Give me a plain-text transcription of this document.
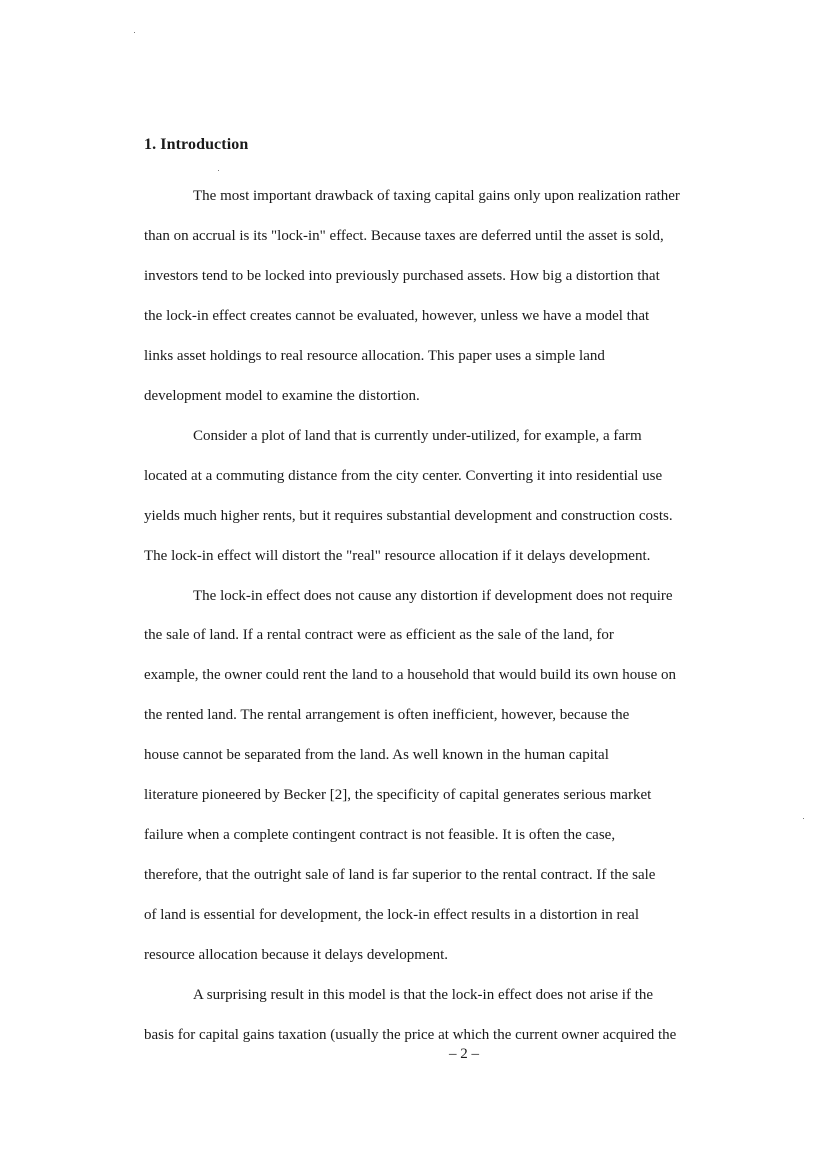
1. Introduction
The most important drawback of taxing capital gains only upon realization rather
than on accrual is its "lock-in" effect. Because taxes are deferred until the asset is sold,
investors tend to be locked into previously purchased assets. How big a distortion that
the lock-in effect creates cannot be evaluated, however, unless we have a model that
links asset holdings to real resource allocation. This paper uses a simple land
development model to examine the distortion.
Consider a plot of land that is currently under-utilized, for example, a farm
located at a commuting distance from the city center. Converting it into residential use
yields much higher rents, but it requires substantial development and construction costs.
The lock-in effect will distort the "real" resource allocation if it delays development.
The lock-in effect does not cause any distortion if development does not require
the sale of land. If a rental contract were as efficient as the sale of the land, for
example, the owner could rent the land to a household that would build its own house on
the rented land. The rental arrangement is often inefficient, however, because the
house cannot be separated from the land. As well known in the human capital
literature pioneered by Becker [2], the specificity of capital generates serious market
failure when a complete contingent contract is not feasible. It is often the case,
therefore, that the outright sale of land is far superior to the rental contract. If the sale
of land is essential for development, the lock-in effect results in a distortion in real
resource allocation because it delays development.
A surprising result in this model is that the lock-in effect does not arise if the
basis for capital gains taxation (usually the price at which the current owner acquired the
– 2 –
